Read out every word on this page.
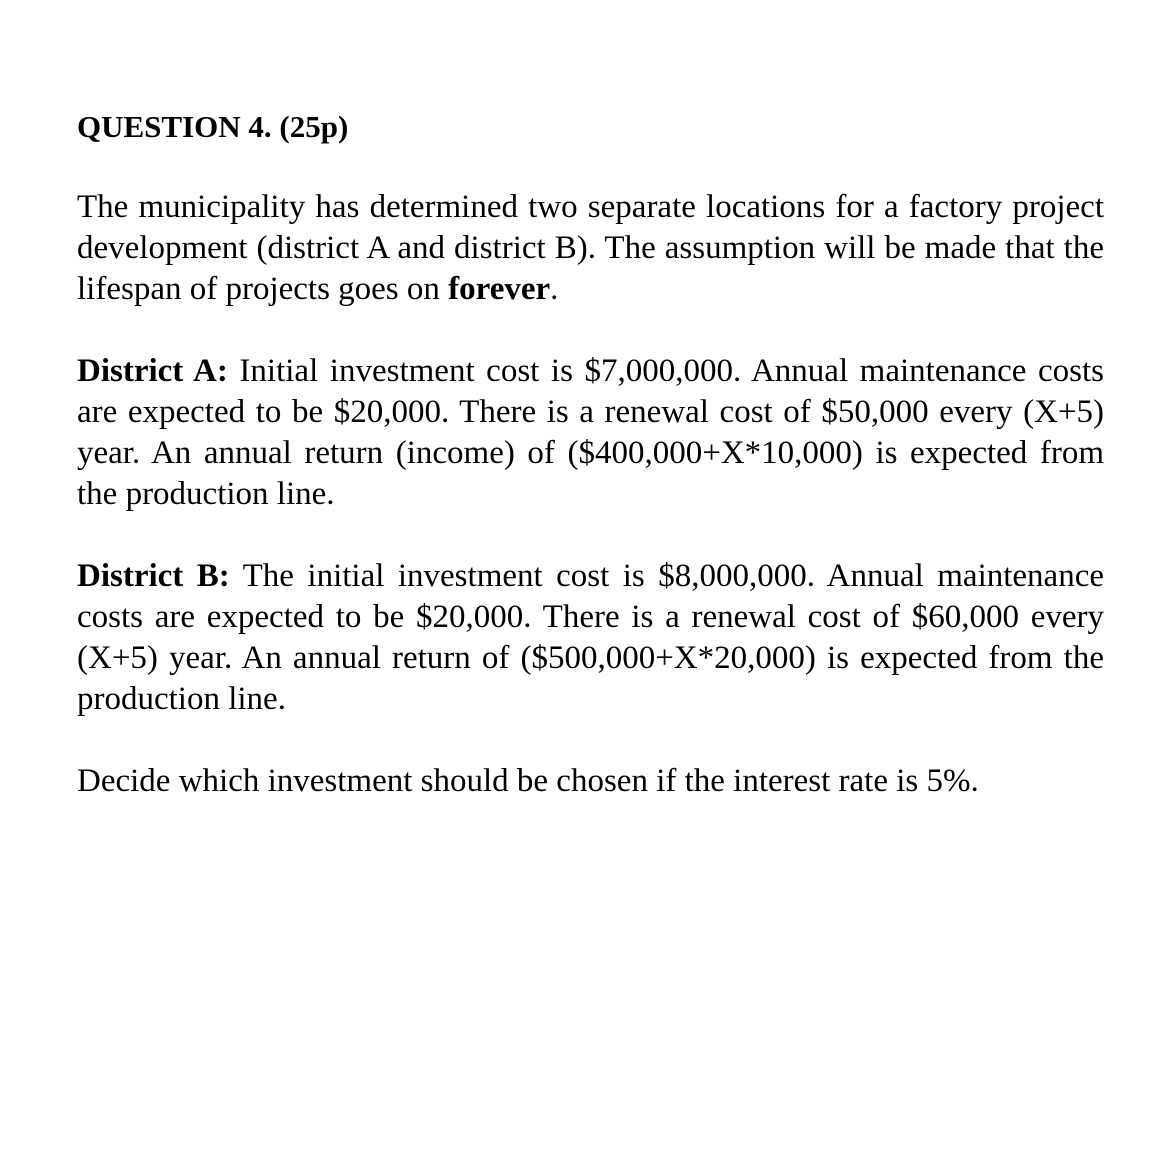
QUESTION 4. (25p)

The municipality has determined two separate locations for a factory project development (district A and district B). The assumption will be made that the lifespan of projects goes on forever.

District A: Initial investment cost is $7,000,000. Annual maintenance costs are expected to be $20,000. There is a renewal cost of $50,000 every (X+5) year. An annual return (income) of ($400,000+X*10,000) is expected from the production line.

District B: The initial investment cost is $8,000,000. Annual maintenance costs are expected to be $20,000. There is a renewal cost of $60,000 every (X+5) year. An annual return of ($500,000+X*20,000) is expected from the production line.

Decide which investment should be chosen if the interest rate is 5%.
